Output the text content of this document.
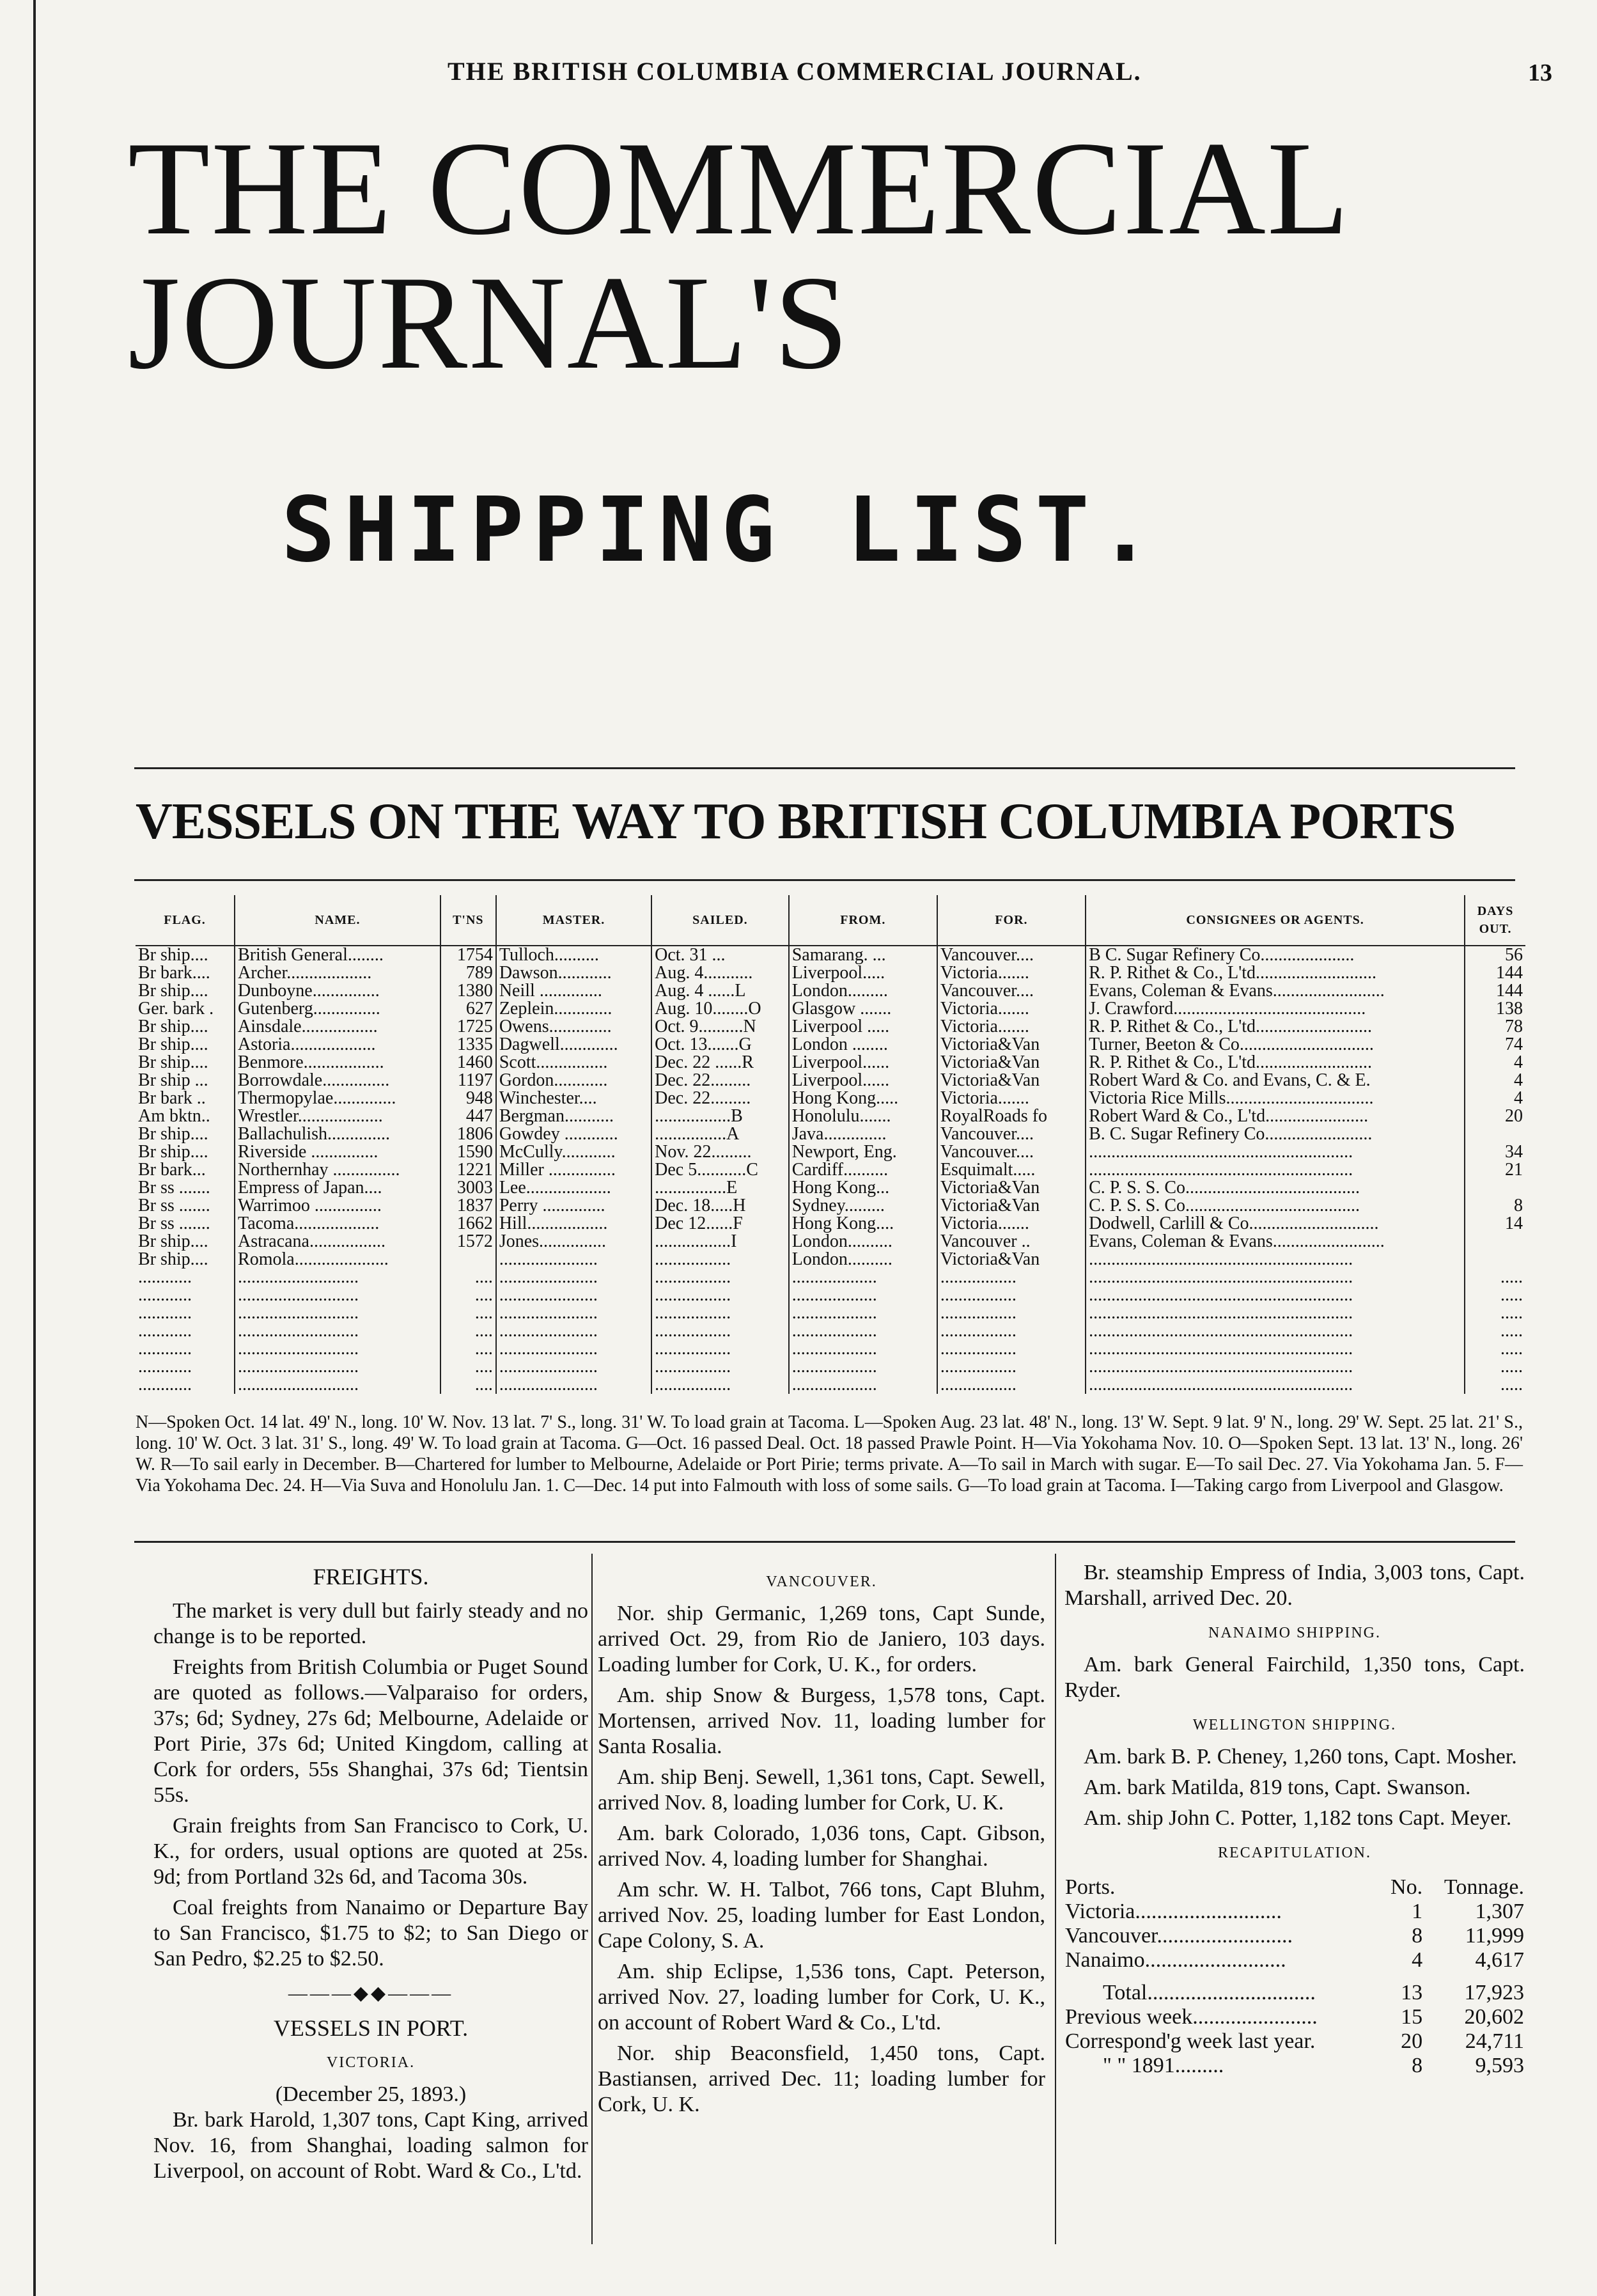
THE BRITISH COLUMBIA COMMERCIAL JOURNAL.	13
THE COMMERCIAL JOURNAL'S
SHIPPING LIST.
VESSELS ON THE WAY TO BRITISH COLUMBIA PORTS
FLAG.	NAME.	T'NS	MASTER.	SAILED.	FROM.	FOR.	CONSIGNEES OR AGENTS.	DAYS OUT.
Br ship....	British General........	1754	Tulloch..........	Oct. 31 ...	Samarang. ...	Vancouver....	B C. Sugar Refinery Co.....................	56
Br bark....	Archer...................	789	Dawson............	Aug. 4...........	Liverpool.....	Victoria.......	R. P. Rithet & Co., L'td...........................	144
Br ship....	Dunboyne...............	1380	Neill ..............	Aug. 4 ......L	London.........	Vancouver....	Evans, Coleman & Evans.........................	144
Ger. bark .	Gutenberg...............	627	Zeplein.............	Aug. 10........O	Glasgow .......	Victoria.......	J. Crawford...........................................	138
Br ship....	Ainsdale.................	1725	Owens..............	Oct. 9..........N	Liverpool .....	Victoria.......	R. P. Rithet & Co., L'td..........................	78
Br ship....	Astoria...................	1335	Dagwell.............	Oct. 13.......G	London ........	Victoria&Van	Turner, Beeton & Co..............................	74
Br ship....	Benmore..................	1460	Scott................	Dec. 22 ......R	Liverpool......	Victoria&Van	R. P. Rithet & Co., L'td..........................	4
Br ship ...	Borrowdale...............	1197	Gordon............	Dec. 22.........	Liverpool......	Victoria&Van	Robert Ward & Co. and Evans, C. & E.	4
Br bark ..	Thermopylae..............	948	Winchester....	Dec. 22.........	Hong Kong.....	Victoria.......	Victoria Rice Mills.................................	4
Am bktn..	Wrestler...................	447	Bergman...........	.................B	Honolulu.......	RoyalRoads fo	Robert Ward & Co., L'td.......................	20
Br ship....	Ballachulish..............	1806	Gowdey ............	................A	Java..............	Vancouver....	B. C. Sugar Refinery Co........................	
Br ship....	Riverside ...............	1590	McCully............	Nov. 22.........	Newport, Eng.	Vancouver....	...........................................................	34
Br bark...	Northernhay ...............	1221	Miller ...............	Dec 5...........C	Cardiff..........	Esquimalt.....	...........................................................	21
Br ss .......	Empress of Japan....	3003	Lee...................	................E	Hong Kong...	Victoria&Van	C. P. S. S. Co.......................................	
Br ss .......	Warrimoo ...............	1837	Perry ..............	Dec. 18.....H	Sydney.........	Victoria&Van	C. P. S. S. Co.......................................	8
Br ss .......	Tacoma...................	1662	Hill..................	Dec 12......F	Hong Kong....	Victoria.......	Dodwell, Carlill & Co.............................	14
Br ship....	Astracana.................	1572	Jones...............	.................I	London..........	Vancouver ..	Evans, Coleman & Evans.........................	
Br ship....	Romola.....................		......................	.................	London..........	Victoria&Van	...........................................................	
............	...........................	....	......................	.................	...................	.................	...........................................................	.....
............	...........................	....	......................	.................	...................	.................	...........................................................	.....
............	...........................	....	......................	.................	...................	.................	...........................................................	.....
............	...........................	....	......................	.................	...................	.................	...........................................................	.....
............	...........................	....	......................	.................	...................	.................	...........................................................	.....
............	...........................	....	......................	.................	...................	.................	...........................................................	.....
............	...........................	....	......................	.................	...................	.................	...........................................................	.....
N—Spoken Oct. 14 lat. 49' N., long. 10' W. Nov. 13 lat. 7' S., long. 31' W. To load grain at Tacoma. L—Spoken Aug. 23 lat. 48' N., long. 13' W. Sept. 9 lat. 9' N., long. 29' W. Sept. 25 lat. 21' S., long. 10' W. Oct. 3 lat. 31' S., long. 49' W. To load grain at Tacoma. G—Oct. 16 passed Deal. Oct. 18 passed Prawle Point. H—Via Yokohama Nov. 10. O—Spoken Sept. 13 lat. 13' N., long. 26' W. R—To sail early in December. B—Chartered for lumber to Melbourne, Adelaide or Port Pirie; terms private. A—To sail in March with sugar. E—To sail Dec. 27. Via Yokohama Jan. 5. F—Via Yokohama Dec. 24. H—Via Suva and Honolulu Jan. 1. C—Dec. 14 put into Falmouth with loss of some sails. G—To load grain at Tacoma. I—Taking cargo from Liverpool and Glasgow.
FREIGHTS.

The market is very dull but fairly steady and no change is to be reported.

Freights from British Columbia or Puget Sound are quoted as follows.—Valparaiso for orders, 37s; 6d; Sydney, 27s 6d; Melbourne, Adelaide or Port Pirie, 37s 6d; United Kingdom, calling at Cork for orders, 55s Shanghai, 37s 6d; Tientsin 55s.

Grain freights from San Francisco to Cork, U. K., for orders, usual options are quoted at 25s. 9d; from Portland 32s 6d, and Tacoma 30s.

Coal freights from Nanaimo or Departure Bay to San Francisco, $1.75 to $2; to San Diego or San Pedro, $2.25 to $2.50.

———◆◆———
VESSELS IN PORT.
VICTORIA.
(December 25, 1893.)

Br. bark Harold, 1,307 tons, Capt King, arrived Nov. 16, from Shanghai, loading salmon for Liverpool, on account of Robt. Ward & Co., L'td.

VANCOUVER.

Nor. ship Germanic, 1,269 tons, Capt Sunde, arrived Oct. 29, from Rio de Janiero, 103 days. Loading lumber for Cork, U. K., for orders.

Am. ship Snow & Burgess, 1,578 tons, Capt. Mortensen, arrived Nov. 11, loading lumber for Santa Rosalia.

Am. ship Benj. Sewell, 1,361 tons, Capt. Sewell, arrived Nov. 8, loading lumber for Cork, U. K.

Am. bark Colorado, 1,036 tons, Capt. Gibson, arrived Nov. 4, loading lumber for Shanghai.

Am schr. W. H. Talbot, 766 tons, Capt Bluhm, arrived Nov. 25, loading lumber for East London, Cape Colony, S. A.

Am. ship Eclipse, 1,536 tons, Capt. Peterson, arrived Nov. 27, loading lumber for Cork, U. K., on account of Robert Ward & Co., L'td.

Nor. ship Beaconsfield, 1,450 tons, Capt. Bastiansen, arrived Dec. 11; loading lumber for Cork, U. K.

Br. steamship Empress of India, 3,003 tons, Capt. Marshall, arrived Dec. 20.

NANAIMO SHIPPING.

Am. bark General Fairchild, 1,350 tons, Capt. Ryder.

WELLINGTON SHIPPING.

Am. bark B. P. Cheney, 1,260 tons, Capt. Mosher.

Am. bark Matilda, 819 tons, Capt. Swanson.

Am. ship John C. Potter, 1,182 tons Capt. Meyer.

RECAPITULATION.
Ports.	No.	Tonnage.
Victoria...........................	1	1,307
Vancouver.........................	8	11,999
Nanaimo..........................	4	4,617
Total...............................	13	17,923
Previous week.......................	15	20,602
Correspond'g week last year.	20	24,711
" " 1891.........	8	9,593
